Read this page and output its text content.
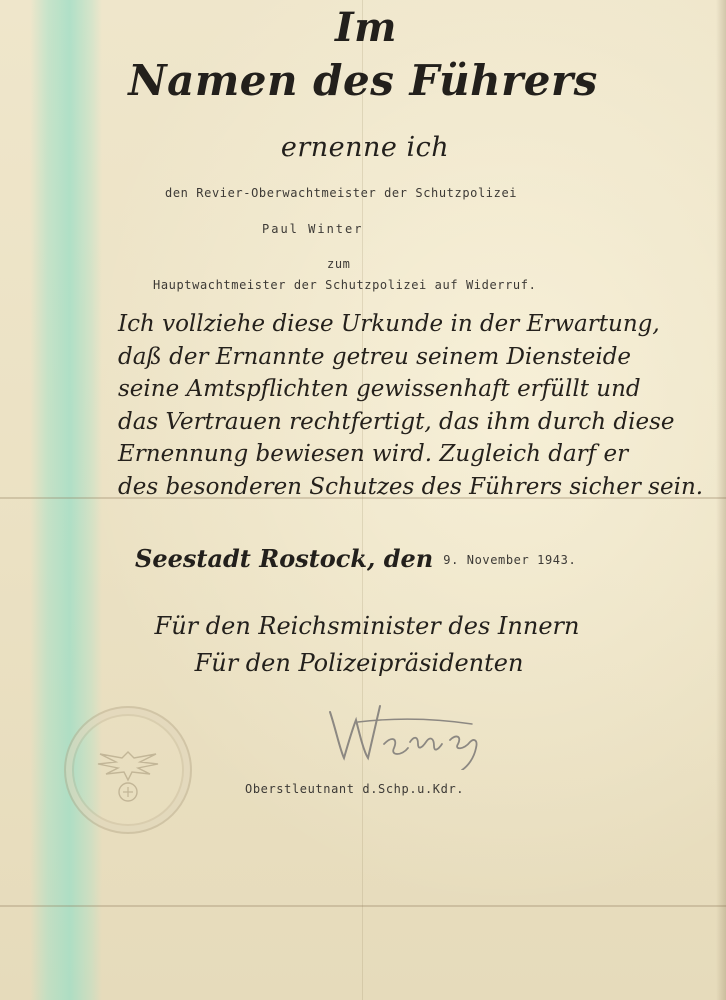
Im
Namen des Führers
ernenne ich
den Revier-Oberwachtmeister der Schutzpolizei
Paul Winter
zum
Hauptwachtmeister der Schutzpolizei auf Widerruf.
Ich vollziehe diese Urkunde in der Erwartung,
daß der Ernannte getreu seinem Diensteide
seine Amtspflichten gewissenhaft erfüllt und
das Vertrauen rechtfertigt, das ihm durch diese
Ernennung bewiesen wird. Zugleich darf er
des besonderen Schutzes des Führers sicher sein.
Seestadt Rostock, den 9. November 1943.
Für den Reichsminister des Innern
Für den Polizeipräsidenten
Oberstleutnant d.Schp.u.Kdr.
